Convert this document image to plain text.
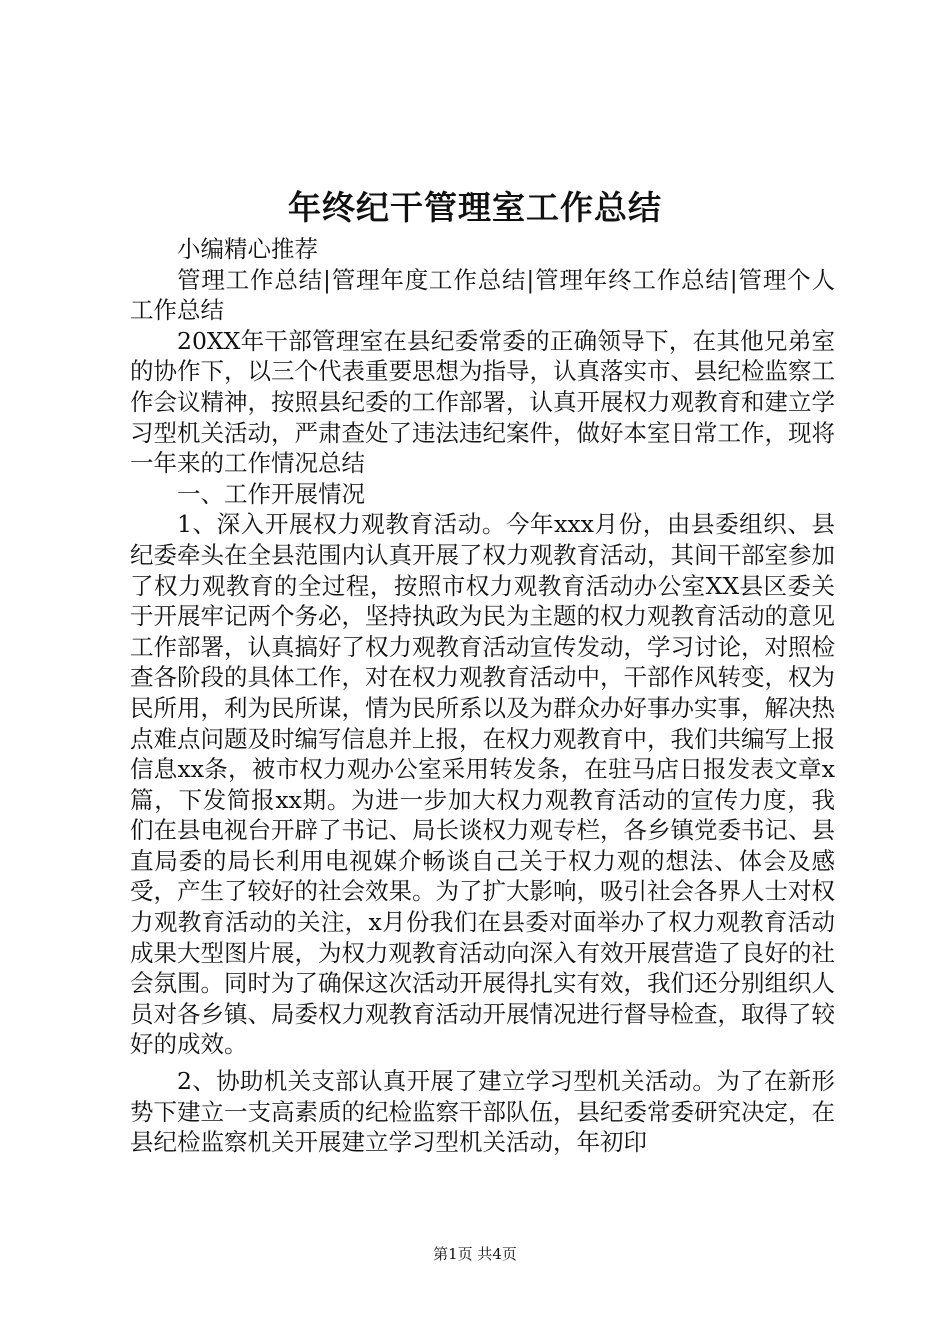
年终纪干管理室工作总结

小编精心推荐

管理工作总结|管理年度工作总结|管理年终工作总结|管理个人工作总结

20XX年干部管理室在县纪委常委的正确领导下，在其他兄弟室的协作下，以三个代表重要思想为指导，认真落实市、县纪检监察工作会议精神，按照县纪委的工作部署，认真开展权力观教育和建立学习型机关活动，严肃查处了违法违纪案件，做好本室日常工作，现将一年来的工作情况总结

一、工作开展情况

1、深入开展权力观教育活动。今年xxx月份，由县委组织、县纪委牵头在全县范围内认真开展了权力观教育活动，其间干部室参加了权力观教育的全过程，按照市权力观教育活动办公室XX县区委关于开展牢记两个务必，坚持执政为民为主题的权力观教育活动的意见工作部署，认真搞好了权力观教育活动宣传发动，学习讨论，对照检查各阶段的具体工作，对在权力观教育活动中，干部作风转变，权为民所用，利为民所谋，情为民所系以及为群众办好事办实事，解决热点难点问题及时编写信息并上报，在权力观教育中，我们共编写上报信息xx条，被市权力观办公室采用转发条，在驻马店日报发表文章x篇，下发简报xx期。为进一步加大权力观教育活动的宣传力度，我们在县电视台开辟了书记、局长谈权力观专栏，各乡镇党委书记、县直局委的局长利用电视媒介畅谈自己关于权力观的想法、体会及感受，产生了较好的社会效果。为了扩大影响，吸引社会各界人士对权力观教育活动的关注，x月份我们在县委对面举办了权力观教育活动成果大型图片展，为权力观教育活动向深入有效开展营造了良好的社会氛围。同时为了确保这次活动开展得扎实有效，我们还分别组织人员对各乡镇、局委权力观教育活动开展情况进行督导检查，取得了较好的成效。

2、协助机关支部认真开展了建立学习型机关活动。为了在新形势下建立一支高素质的纪检监察干部队伍，县纪委常委研究决定，在县纪检监察机关开展建立学习型机关活动，年初印

第1页 共4页
